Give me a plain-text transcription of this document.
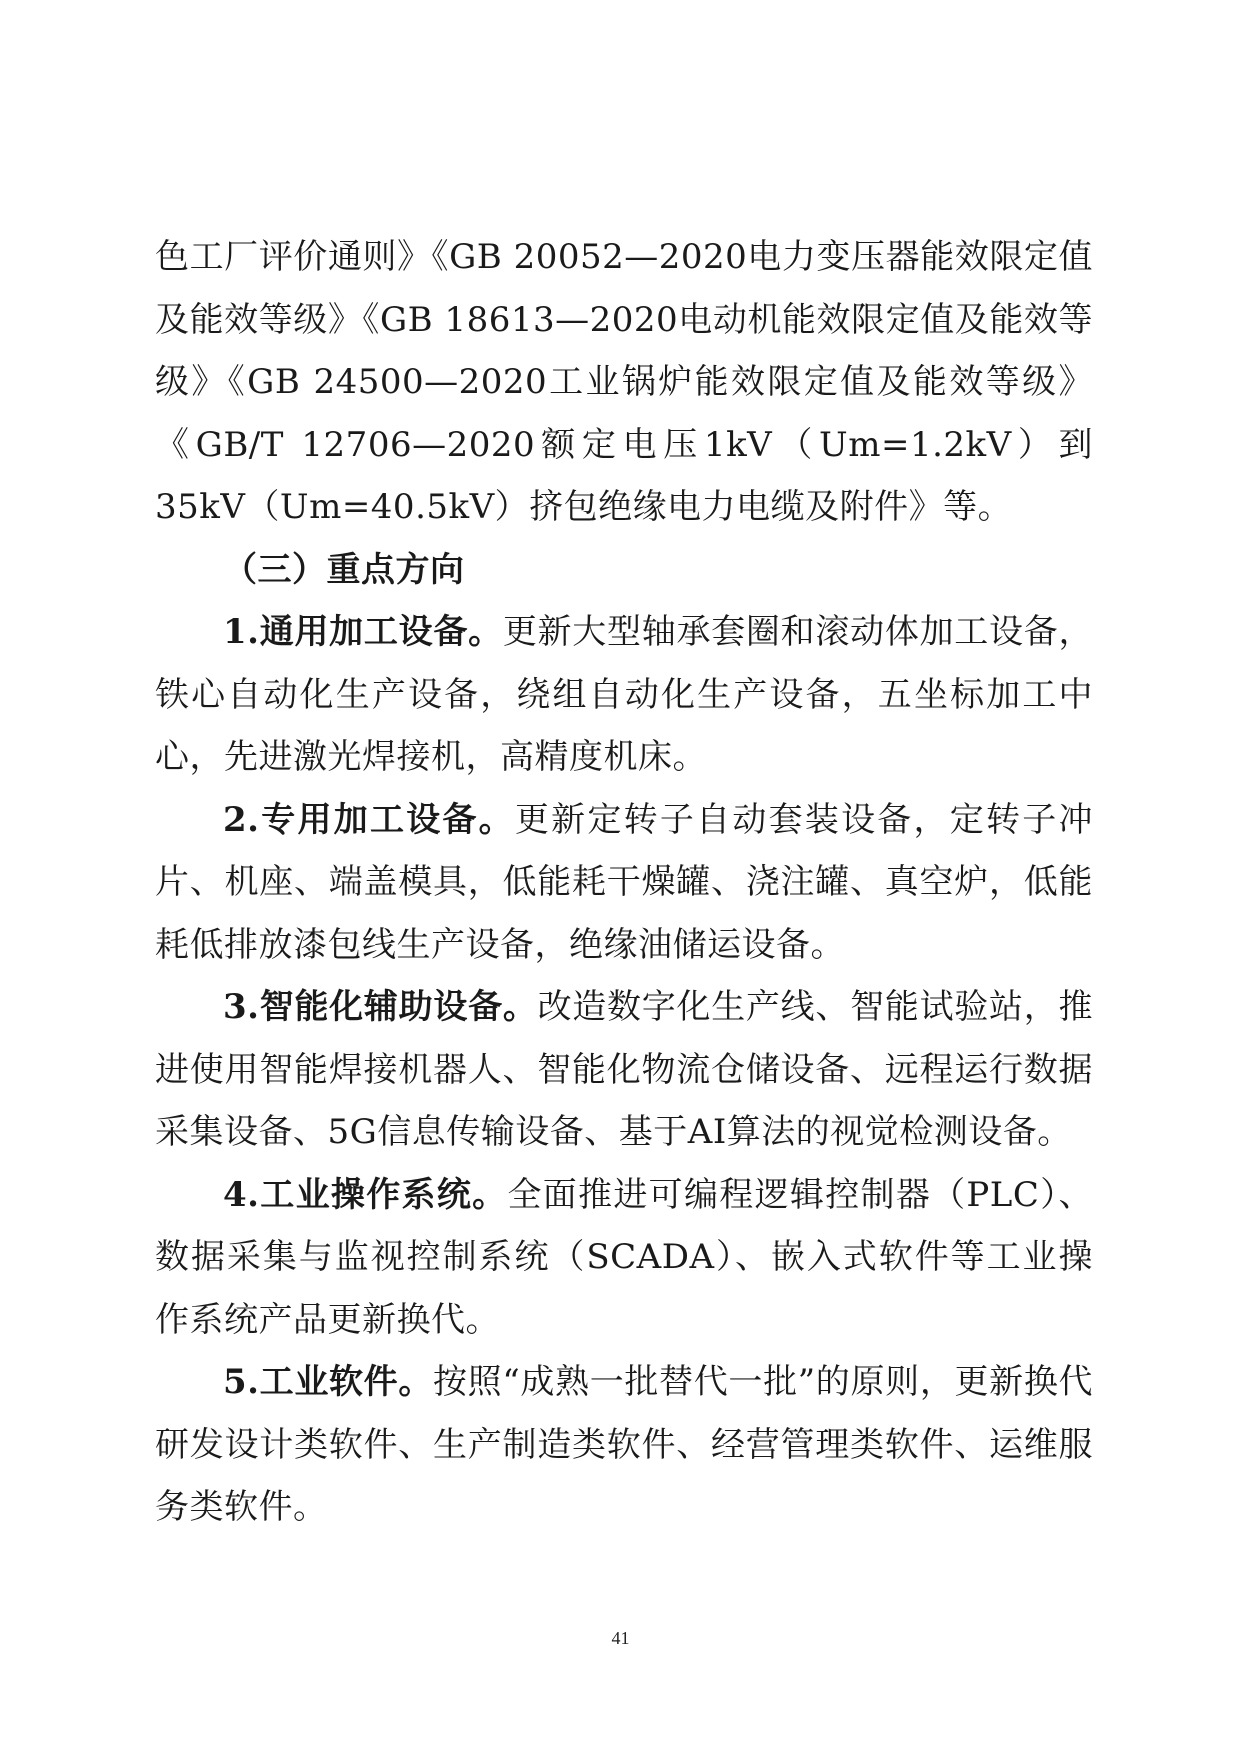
色工厂评价通则》《GB 20052—2020电力变压器能效限定值及能效等级》《GB 18613—2020电动机能效限定值及能效等级》《GB 24500—2020工业锅炉能效限定值及能效等级》《GB/T 12706—2020额定电压1kV（Um=1.2kV）到35kV（Um=40.5kV）挤包绝缘电力电缆及附件》等。

（三）重点方向

1.通用加工设备。更新大型轴承套圈和滚动体加工设备，铁心自动化生产设备，绕组自动化生产设备，五坐标加工中心，先进激光焊接机，高精度机床。

2.专用加工设备。更新定转子自动套装设备，定转子冲片、机座、端盖模具，低能耗干燥罐、浇注罐、真空炉，低能耗低排放漆包线生产设备，绝缘油储运设备。

3.智能化辅助设备。改造数字化生产线、智能试验站，推进使用智能焊接机器人、智能化物流仓储设备、远程运行数据采集设备、5G信息传输设备、基于AI算法的视觉检测设备。

4.工业操作系统。全面推进可编程逻辑控制器（PLC）、数据采集与监视控制系统（SCADA）、嵌入式软件等工业操作系统产品更新换代。

5.工业软件。按照“成熟一批替代一批”的原则，更新换代研发设计类软件、生产制造类软件、经营管理类软件、运维服务类软件。

41
